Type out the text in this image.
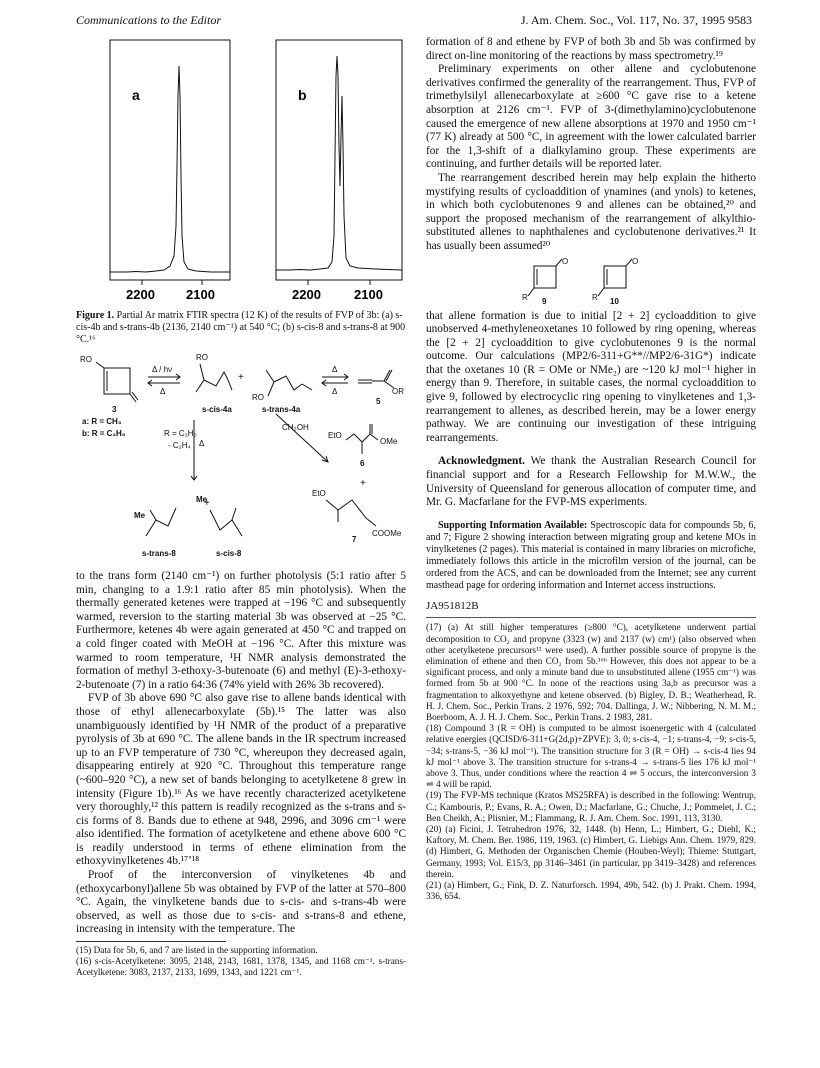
Communications to the Editor	J. Am. Chem. Soc., Vol. 117, No. 37, 1995 9583
a	b
2200 2100	2200	2100
Figure 1. Partial Ar matrix FTIR spectra (12 K) of the results of FVP of 3b: (a) s-cis-4b and s-trans-4b (2136, 2140 cm⁻¹) at 540 °C; (b) s-cis-8 and s-trans-8 at 900 °C.¹⁶
RO	RO
RO
Δ / hν
Δ
Δ
Δ
3	s-cis-4a	s-trans-4a
5
OR
+
a: R = CH₃
b: R = C₂H₅	R = C₂H₅
- C₂H₄ Δ
CH₃OH
EtO
OMe
6
+
EtO
COOMe
7
Me
Me
+
s-trans-8	s-cis-8

to the trans form (2140 cm⁻¹) on further photolysis (5:1 ratio after 5 min, changing to a 1.9:1 ratio after 85 min photolysis). When the thermally generated ketenes were trapped at −196 °C and subsequently warmed, reversion to the starting material 3b was observed at −25 °C. Furthermore, ketenes 4b were again generated at 450 °C and trapped on a cold finger coated with MeOH at −196 °C. After this mixture was warmed to room temperature, ¹H NMR analysis demonstrated the formation of methyl 3-ethoxy-3-butenoate (6) and methyl (E)-3-ethoxy-2-butenoate (7) in a ratio 64:36 (74% yield with 26% 3b recovered).

FVP of 3b above 690 °C also gave rise to allene bands identical with those of ethyl allenecarboxylate (5b).¹⁵ The latter was also unambiguously identified by ¹H NMR of the product of a preparative pyrolysis of 3b at 690 °C. The allene bands in the IR spectrum increased up to an FVP temperature of 730 °C, whereupon they decreased again, disappearing entirely at 920 °C. Throughout this temperature range (~600–920 °C), a new set of bands belonging to acetylketene 8 grew in intensity (Figure 1b).¹⁶ As we have recently characterized acetylketene very thoroughly,¹² this pattern is readily recognized as the s-trans and s-cis forms of 8. Bands due to ethene at 948, 2996, and 3096 cm⁻¹ were also identified. The formation of acetylketene and ethene above 600 °C is readily understood in terms of ethene elimination from the ethoxyvinylketenes 4b.¹⁷ʼ¹⁸

Proof of the interconversion of vinylketenes 4b and (ethoxycarbonyl)allene 5b was obtained by FVP of the latter at 570–800 °C. Again, the vinylketene bands due to s-cis- and s-trans-4b were observed, as well as those due to s-cis- and s-trans-8 and ethene, increasing in intensity with the temperature. The

(15) Data for 5b, 6, and 7 are listed in the supporting information.
(16) s-cis-Acetylketene: 3095, 2148, 2143, 1681, 1378, 1345, and 1168 cm⁻¹. s-trans-Acetylketene: 3083, 2137, 2133, 1699, 1343, and 1221 cm⁻¹.

formation of 8 and ethene by FVP of both 3b and 5b was confirmed by direct on-line monitoring of the reactions by mass spectrometry.¹⁹

Preliminary experiments on other allene and cyclobutenone derivatives confirmed the generality of the rearrangement. Thus, FVP of trimethylsilyl allenecarboxylate at ≥600 °C gave rise to a ketene absorption at 2126 cm⁻¹. FVP of 3-(dimethylamino)cyclobutenone caused the emergence of new allene absorptions at 1970 and 1950 cm⁻¹ (77 K) already at 500 °C, in agreement with the lower calculated barrier for the 1,3-shift of a dialkylamino group. These experiments are continuing, and further details will be reported later.

The rearrangement described herein may help explain the hitherto mystifying results of cycloaddition of ynamines (and ynols) to ketenes, in which both cyclobutenones 9 and allenes can be obtained,²⁰ and support the proposed mechanism of the rearrangement of alkylthio-substituted allenes to naphthalenes and cyclobutenone derivatives.²¹ It has usually been assumed²⁰

O
R 9
O
R 10

that allene formation is due to initial [2 + 2] cycloaddition to give unobserved 4-methyleneoxetanes 10 followed by ring opening, whereas the [2 + 2] cycloaddition to give cyclobutenones 9 is the normal outcome. Our calculations (MP2/6-311+G**//MP2/6-31G*) indicate that the oxetanes 10 (R = OMe or NMe₂) are ~120 kJ mol⁻¹ higher in energy than 9. Therefore, in suitable cases, the normal cycloaddition to give 9, followed by electrocyclic ring opening to vinylketenes and 1,3-rearrangement to allenes, as described herein, may be a lower energy pathway. We are continuing our investigation of these intriguing rearrangements.

Acknowledgment. We thank the Australian Research Council for financial support and for a Research Fellowship for M.W.W., the University of Queensland for generous allocation of computer time, and Mr. G. Macfarlane for the FVP-MS experiments.

Supporting Information Available: Spectroscopic data for compounds 5b, 6, and 7; Figure 2 showing interaction between migrating group and ketene MOs in vinylketenes (2 pages). This material is contained in many libraries on microfiche, immediately follows this article in the microfilm version of the journal, can be ordered from the ACS, and can be downloaded from the Internet; see any current masthead page for ordering information and Internet access instructions.

JA951812B
(17) (a) At still higher temperatures (≥800 °C), acetylketene underwent partial decomposition to CO₂ and propyne (3323 (w) and 2137 (w) cm¹) (also observed when other acetylketene precursors¹² were used). A further possible source of propyne is the elimination of ethene and then CO₂ from 5b.¹⁶ᵇ However, this does not appear to be a significant process, and only a minute band due to unsubstituted allene (1955 cm⁻¹) was formed from 5b at 900 °C. In none of the reactions using 3a,b as precursor was a fragmentation to alkoxyethyne and ketene observed. (b) Bigley, D. B.; Weatherhead, R. H. J. Chem. Soc., Perkin Trans. 2 1976, 592; 704. Dallinga, J. W.; Nibbering, N. M. M.; Boerboom, A. J. H. J. Chem. Soc., Perkin Trans. 2 1983, 281.
(18) Compound 3 (R = OH) is computed to be almost isoenergetic with 4 (calculated relative energies (QCISD/6-311+G(2d,p)+ZPVE): 3, 0; s-cis-4, −1; s-trans-4, −9; s-cis-5, −34; s-trans-5, −36 kJ mol⁻¹). The transition structure for 3 (R = OH) → s-cis-4 lies 94 kJ mol⁻¹ above 3. The transition structure for s-trans-4 → s-trans-5 lies 176 kJ mol⁻¹ above 3. Thus, under conditions where the reaction 4 ⇌ 5 occurs, the interconversion 3 ⇌ 4 will be rapid.
(19) The FVP-MS technique (Kratos MS25RFA) is described in the following: Wentrup, C.; Kambouris, P.; Evans, R. A.; Owen, D.; Macfarlane, G.; Chuche, J.; Pommelet, J. C.; Ben Cheikh, A.; Plisnier, M.; Flammang, R. J. Am. Chem. Soc. 1991, 113, 3130.
(20) (a) Ficini, J. Tetrahedron 1976, 32, 1448. (b) Henn, L.; Himbert, G.; Diehl, K.; Kaftory, M. Chem. Ber. 1986, 119, 1963. (c) Himbert, G. Liebigs Ann. Chem. 1979, 829. (d) Himbert, G. Methoden der Organischen Chemie (Houben-Weyl); Thieme: Stuttgart, Germany, 1993; Vol. E15/3, pp 3146–3461 (in particular, pp 3419–3428) and references therein.
(21) (a) Himbert, G.; Fink, D. Z. Naturforsch. 1994, 49b, 542. (b) J. Prakt. Chem. 1994, 336, 654.
